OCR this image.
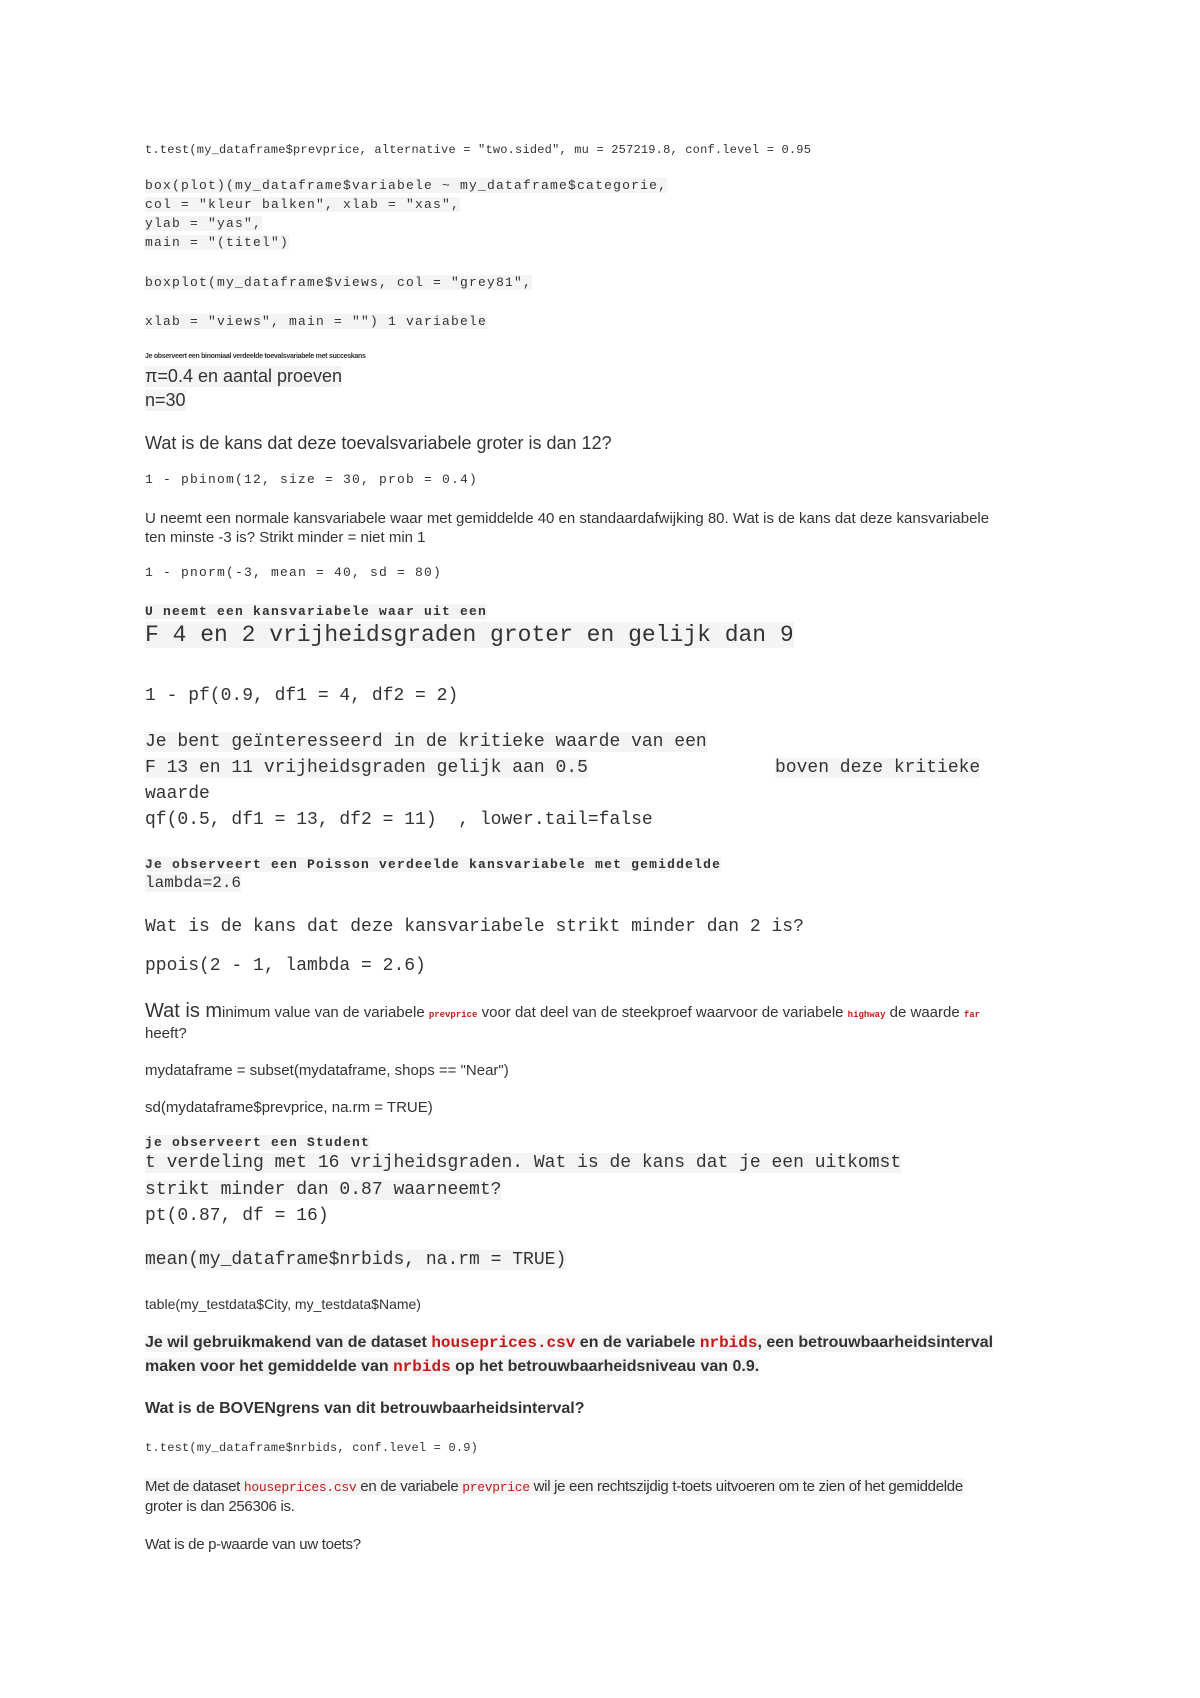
t.test(my_dataframe$prevprice, alternative = "two.sided", mu = 257219.8, conf.level = 0.95
box(plot)(my_dataframe$variabele ~ my_dataframe$categorie,
col = "kleur balken", xlab = "xas",
ylab = "yas",
main = "(titel")
boxplot(my_dataframe$views, col = "grey81",
xlab = "views", main = "") 1 variabele
Je observeert een binomiaal verdeelde toevalsvariabele met succeskans
π=0.4 en aantal proeven
n=30
Wat is de kans dat deze toevalsvariabele groter is dan 12?
1 - pbinom(12, size = 30, prob = 0.4)
U neemt een normale kansvariabele waar met gemiddelde 40 en standaardafwijking 80. Wat is de kans dat deze kansvariabele
ten minste -3 is? Strikt minder = niet min 1
1 - pnorm(-3, mean = 40, sd = 80)
U neemt een kansvariabele waar uit een
F 4 en 2 vrijheidsgraden groter en gelijk dan 9
1 - pf(0.9, df1 = 4, df2 = 2)
Je bent geïnteresseerd in de kritieke waarde van een
F 13 en 11 vrijheidsgraden gelijk aan 0.5	boven deze kritieke
waarde
qf(0.5, df1 = 13, df2 = 11)  , lower.tail=false
Je observeert een Poisson verdeelde kansvariabele met gemiddelde
lambda=2.6
Wat is de kans dat deze kansvariabele strikt minder dan 2 is?
ppois(2 - 1, lambda = 2.6)
Wat is minimum value van de variabele prevprice voor dat deel van de steekproef waarvoor de variabele highway de waarde far
heeft?
mydataframe = subset(mydataframe, shops == "Near")
sd(mydataframe$prevprice, na.rm = TRUE)
je observeert een Student
t verdeling met 16 vrijheidsgraden. Wat is de kans dat je een uitkomst
strikt minder dan 0.87 waarneemt?
pt(0.87, df = 16)
mean(my_dataframe$nrbids, na.rm = TRUE)
table(my_testdata$City, my_testdata$Name)
Je wil gebruikmakend van de dataset houseprices.csv en de variabele nrbids, een betrouwbaarheidsinterval
maken voor het gemiddelde van nrbids op het betrouwbaarheidsniveau van 0.9.
Wat is de BOVENgrens van dit betrouwbaarheidsinterval?
t.test(my_dataframe$nrbids, conf.level = 0.9)
Met de dataset houseprices.csv en de variabele prevprice wil je een rechtszijdig t-toets uitvoeren om te zien of het gemiddelde
groter is dan 256306 is.
Wat is de p-waarde van uw toets?
